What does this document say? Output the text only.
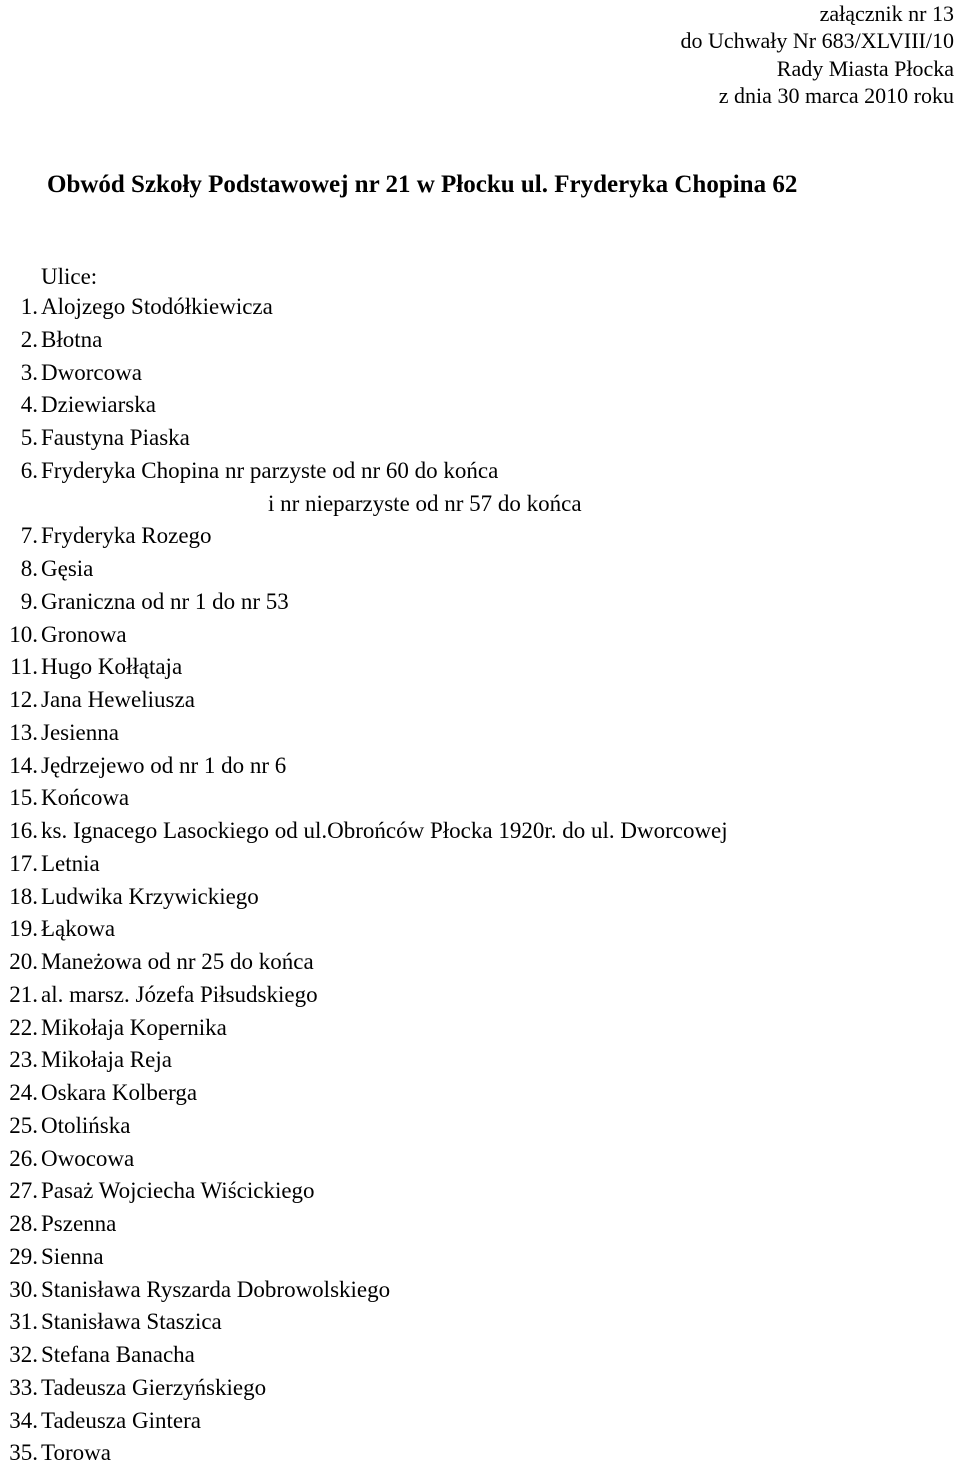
załącznik nr 13
do Uchwały Nr 683/XLVIII/10
Rady Miasta Płocka
z dnia 30 marca 2010 roku
Obwód Szkoły Podstawowej nr 21 w Płocku ul. Fryderyka Chopina 62
Ulice:
1. Alojzego Stodółkiewicza
2. Błotna
3. Dworcowa
4. Dziewiarska
5. Faustyna Piaska
6. Fryderyka Chopina nr parzyste od nr 60 do końca
i nr nieparzyste od nr 57 do końca
7. Fryderyka Rozego
8. Gęsia
9. Graniczna od nr 1 do nr 53
10. Gronowa
11. Hugo Kołłątaja
12. Jana Heweliusza
13. Jesienna
14. Jędrzejewo od nr 1 do nr 6
15. Końcowa
16. ks. Ignacego Lasockiego od ul.Obrońców Płocka 1920r. do ul. Dworcowej
17. Letnia
18. Ludwika Krzywickiego
19. Łąkowa
20. Maneżowa od nr 25 do końca
21. al. marsz. Józefa Piłsudskiego
22. Mikołaja Kopernika
23. Mikołaja Reja
24. Oskara Kolberga
25. Otolińska
26. Owocowa
27. Pasaż Wojciecha Wiścickiego
28. Pszenna
29. Sienna
30. Stanisława Ryszarda Dobrowolskiego
31. Stanisława Staszica
32. Stefana Banacha
33. Tadeusza Gierzyńskiego
34. Tadeusza Gintera
35. Torowa
